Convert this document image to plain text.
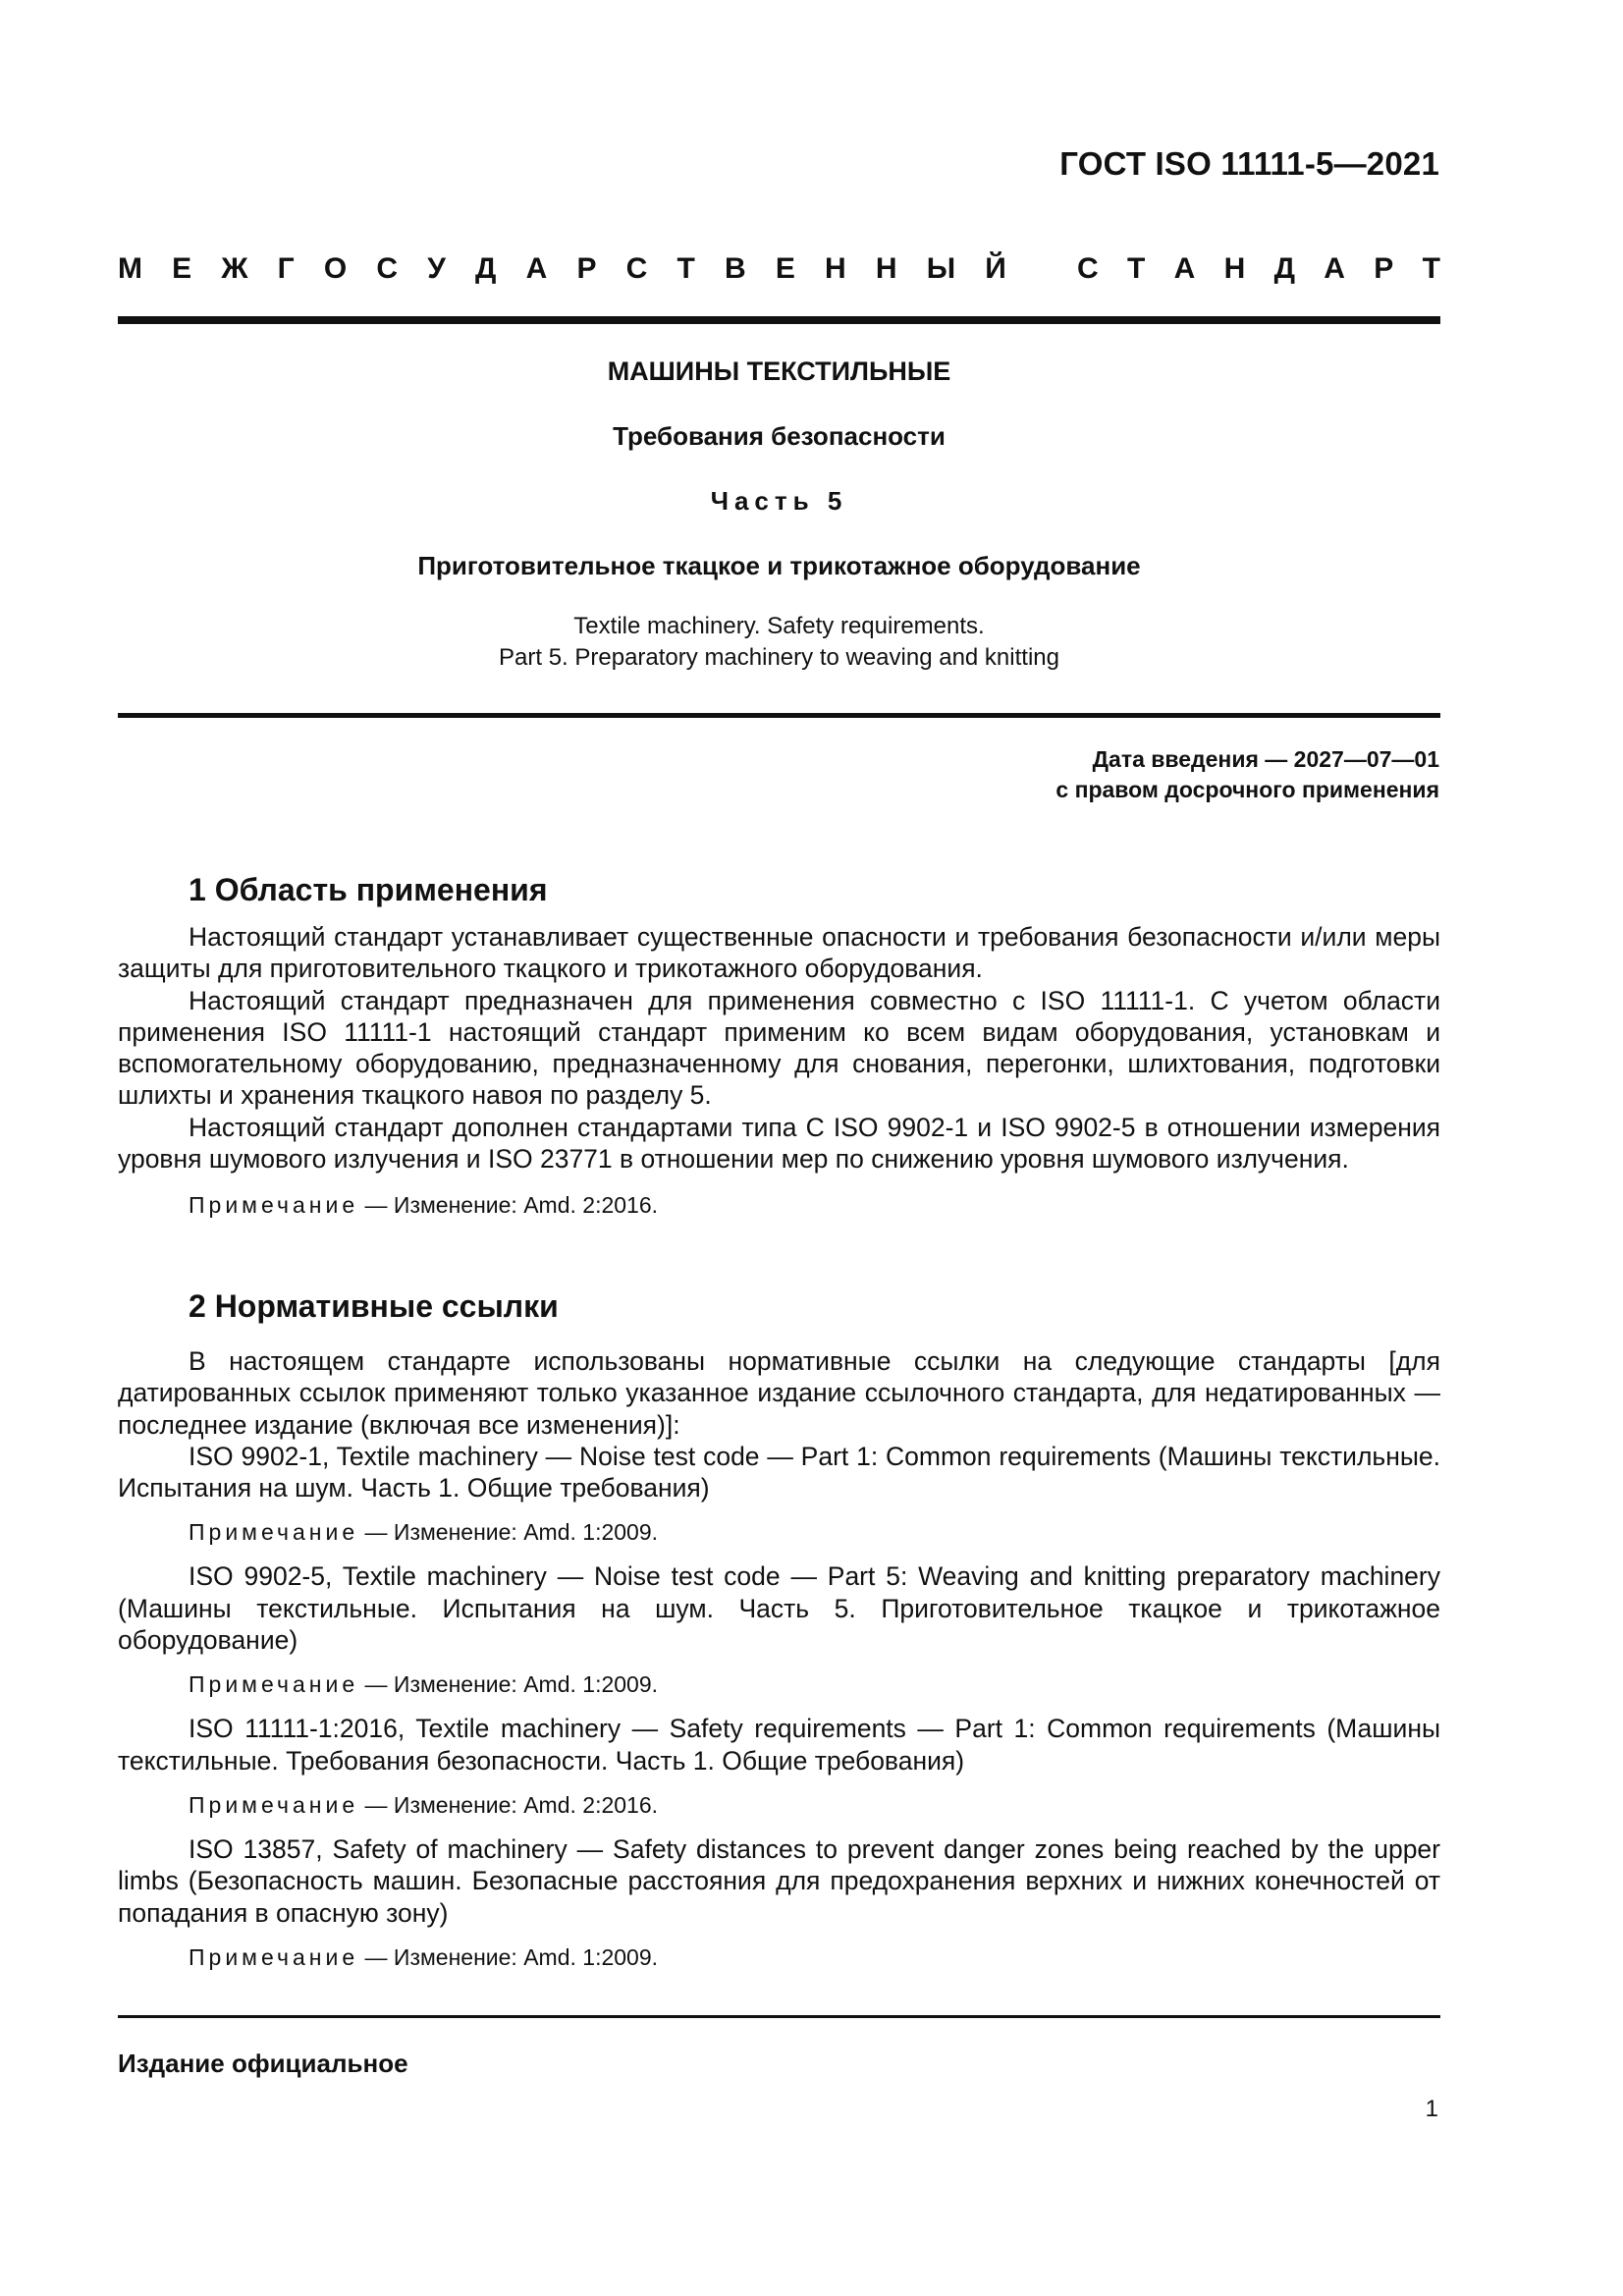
ГОСТ ISO 11111-5—2021
М Е Ж Г О С У Д А Р С Т В Е Н Н Ы Й С Т А Н Д А Р Т
МАШИНЫ ТЕКСТИЛЬНЫЕ
Требования безопасности
Часть 5
Приготовительное ткацкое и трикотажное оборудование
Textile machinery. Safety requirements.
Part 5. Preparatory machinery to weaving and knitting
Дата введения — 2027—07—01
с правом досрочного применения
1 Область применения

Настоящий стандарт устанавливает существенные опасности и требования безопасности и/или меры защиты для приготовительного ткацкого и трикотажного оборудования.

Настоящий стандарт предназначен для применения совместно с ISO 11111-1. С учетом области применения ISO 11111-1 настоящий стандарт применим ко всем видам оборудования, установкам и вспомогательному оборудованию, предназначенному для снования, перегонки, шлихтования, подготовки шлихты и хранения ткацкого навоя по разделу 5.

Настоящий стандарт дополнен стандартами типа С ISO 9902-1 и ISO 9902-5 в отношении измерения уровня шумового излучения и ISO 23771 в отношении мер по снижению уровня шумового излучения.

Примечание — Изменение: Amd. 2:2016.

2 Нормативные ссылки

В настоящем стандарте использованы нормативные ссылки на следующие стандарты [для датированных ссылок применяют только указанное издание ссылочного стандарта, для недатированных — последнее издание (включая все изменения)]:

ISO 9902-1, Textile machinery — Noise test code — Part 1: Common requirements (Машины текстильные. Испытания на шум. Часть 1. Общие требования)

Примечание — Изменение: Amd. 1:2009.

ISO 9902-5, Textile machinery — Noise test code — Part 5: Weaving and knitting preparatory machinery (Машины текстильные. Испытания на шум. Часть 5. Приготовительное ткацкое и трикотажное оборудование)

Примечание — Изменение: Amd. 1:2009.

ISO 11111-1:2016, Textile machinery — Safety requirements — Part 1: Common requirements (Машины текстильные. Требования безопасности. Часть 1. Общие требования)

Примечание — Изменение: Amd. 2:2016.

ISO 13857, Safety of machinery — Safety distances to prevent danger zones being reached by the upper limbs (Безопасность машин. Безопасные расстояния для предохранения верхних и нижних конечностей от попадания в опасную зону)

Примечание — Изменение: Amd. 1:2009.

Издание официальное
1
